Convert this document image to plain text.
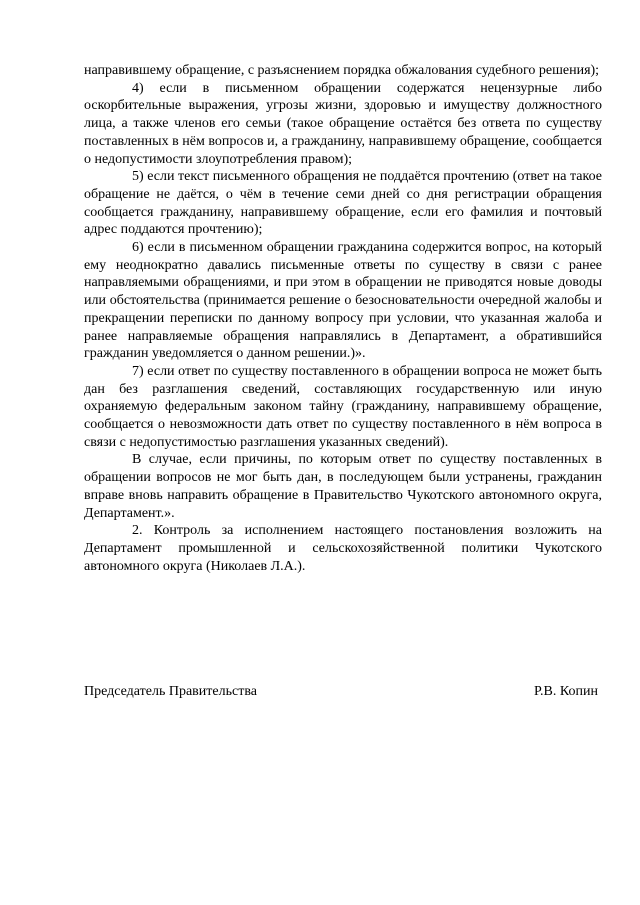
направившему обращение, с разъяснением порядка обжалования судебного решения);

4) если в письменном обращении содержатся нецензурные либо оскорбительные выражения, угрозы жизни, здоровью и имуществу должностного лица, а также членов его семьи (такое обращение остаётся без ответа по существу поставленных в нём вопросов и, а гражданину, направившему обращение, сообщается о недопустимости злоупотребления правом);

5) если текст письменного обращения не поддаётся прочтению (ответ на такое обращение не даётся, о чём в течение семи дней со дня регистрации обращения сообщается гражданину, направившему обращение, если его фамилия и почтовый адрес поддаются прочтению);

6) если в письменном обращении гражданина содержится вопрос, на который ему неоднократно давались письменные ответы по существу в связи с ранее направляемыми обращениями, и при этом в обращении не приводятся новые доводы или обстоятельства (принимается решение о безосновательности очередной жалобы и прекращении переписки по данному вопросу при условии, что указанная жалоба и ранее направляемые обращения направлялись в Департамент, а обратившийся гражданин уведомляется о данном решении.)».

7) если ответ по существу поставленного в обращении вопроса не может быть дан без разглашения сведений, составляющих государственную или иную охраняемую федеральным законом тайну (гражданину, направившему обращение, сообщается о невозможности дать ответ по существу поставленного в нём вопроса в связи с недопустимостью разглашения указанных сведений).

В случае, если причины, по которым ответ по существу поставленных в обращении вопросов не мог быть дан, в последующем были устранены, гражданин вправе вновь направить обращение в Правительство Чукотского автономного округа, Департамент.».

2. Контроль за исполнением настоящего постановления возложить на Департамент промышленной и сельскохозяйственной политики Чукотского автономного округа (Николаев Л.А.).

Председатель Правительства	Р.В. Копин
